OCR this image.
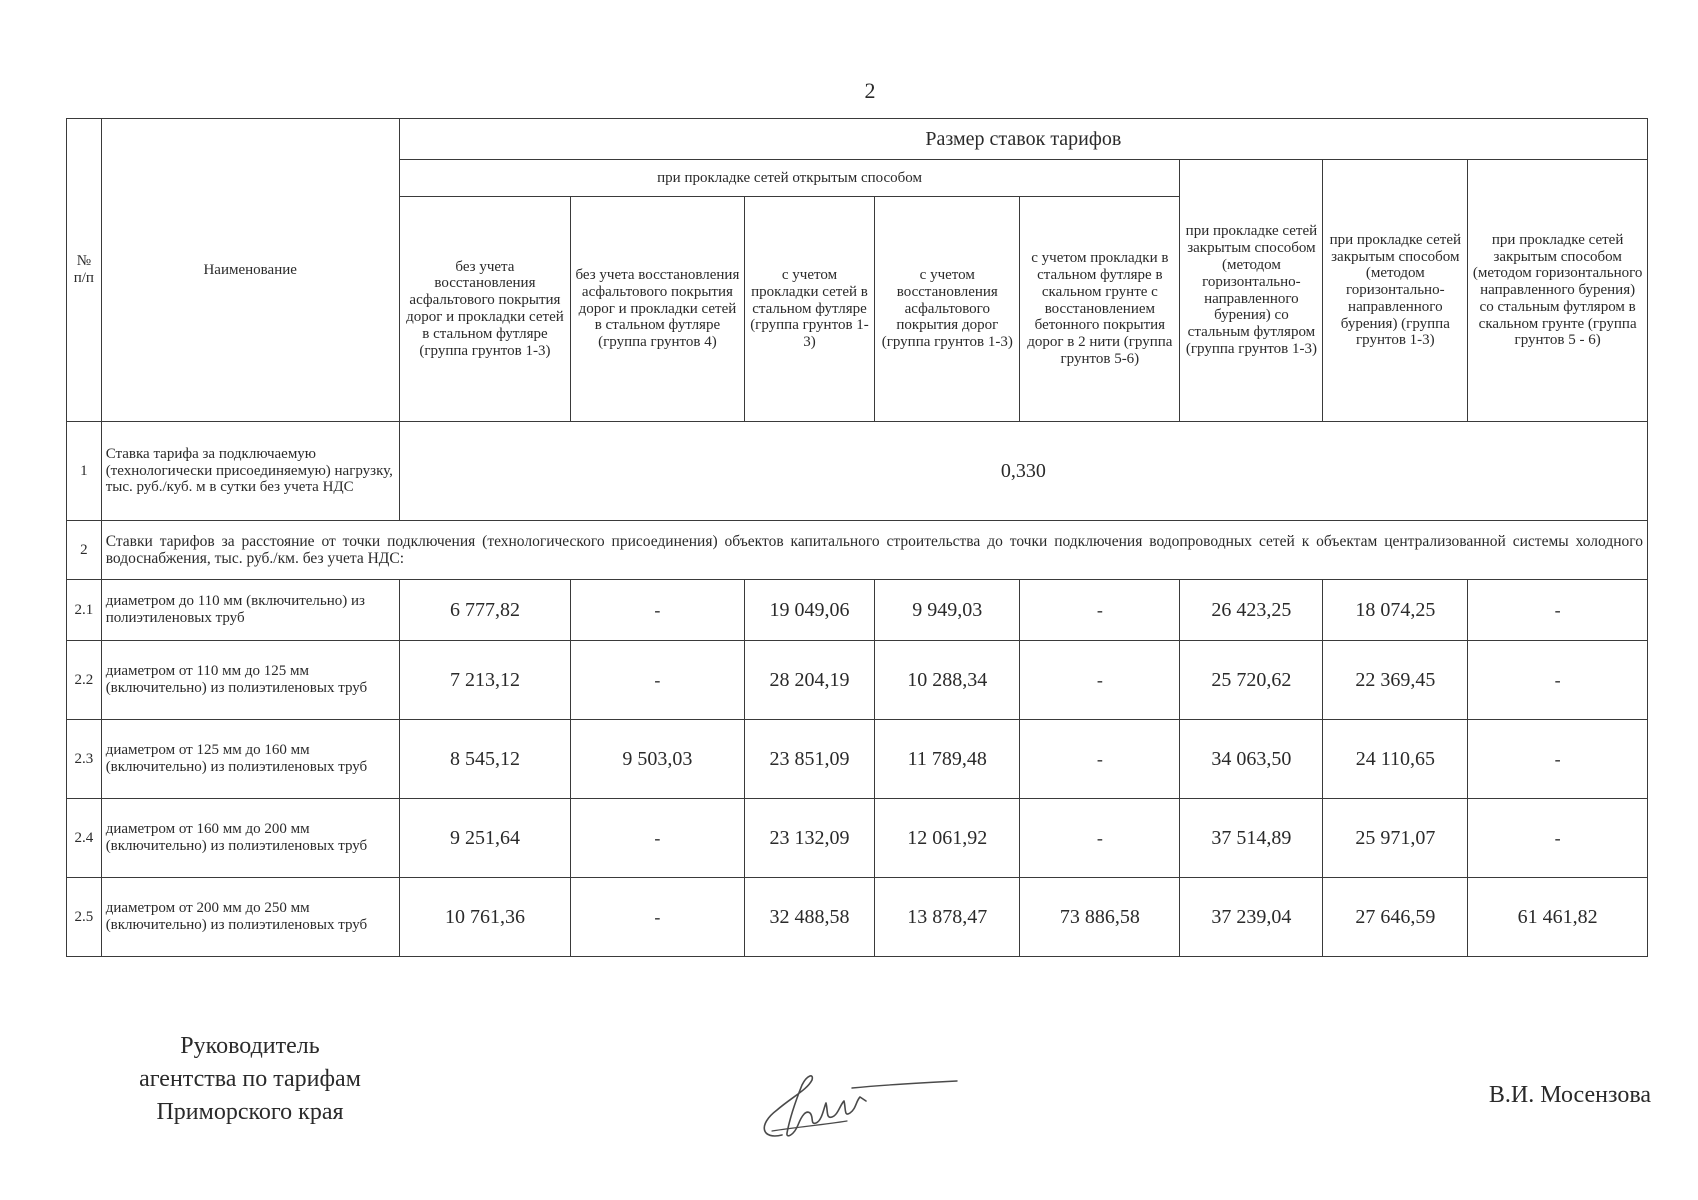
2
№ п/п	Наименование	Размер ставок тарифов							
		при прокладке сетей открытым способом					при прокладке сетей закрытым способом (методом горизонтально-направленного бурения) со стальным футляром (группа грунтов 1-3)	при прокладке сетей закрытым способом (методом горизонтально-направленного бурения) (группа грунтов 1-3)	при прокладке сетей закрытым способом (методом горизонтального направленного бурения) со стальным футляром в скальном грунте (группа грунтов 5 - 6)
		без учета восстановления асфальтового покрытия дорог и прокладки сетей в стальном футляре (группа грунтов 1-3)	без учета восстановления асфальтового покрытия дорог и прокладки сетей в стальном футляре (группа грунтов 4)	с учетом прокладки сетей в стальном футляре (группа грунтов 1-3)	с учетом восстановления асфальтового покрытия дорог (группа грунтов 1-3)	с учетом прокладки в стальном футляре в скальном грунте с восстановлением бетонного покрытия дорог в 2 нити (группа грунтов 5-6)			
1	Ставка тарифа за подключаемую (технологически присоединяемую) нагрузку, тыс. руб./куб. м в сутки без учета НДС	0,330							
2	Ставки тарифов за расстояние от точки подключения (технологического присоединения) объектов капитального строительства до точки подключения водопроводных сетей к объектам централизованной системы холодного водоснабжения, тыс. руб./км. без учета НДС:								
2.1	диаметром до 110 мм (включительно) из полиэтиленовых труб	6 777,82	-	19 049,06	9 949,03	-	26 423,25	18 074,25	-
2.2	диаметром от 110 мм до 125 мм (включительно) из полиэтиленовых труб	7 213,12	-	28 204,19	10 288,34	-	25 720,62	22 369,45	-
2.3	диаметром от 125 мм до 160 мм (включительно) из полиэтиленовых труб	8 545,12	9 503,03	23 851,09	11 789,48	-	34 063,50	24 110,65	-
2.4	диаметром от 160 мм до 200 мм (включительно) из полиэтиленовых труб	9 251,64	-	23 132,09	12 061,92	-	37 514,89	25 971,07	-
2.5	диаметром от 200 мм до 250 мм (включительно) из полиэтиленовых труб	10 761,36	-	32 488,58	13 878,47	73 886,58	37 239,04	27 646,59	61 461,82
Руководитель
агентства по тарифам
Приморского края
В.И. Мосензова
